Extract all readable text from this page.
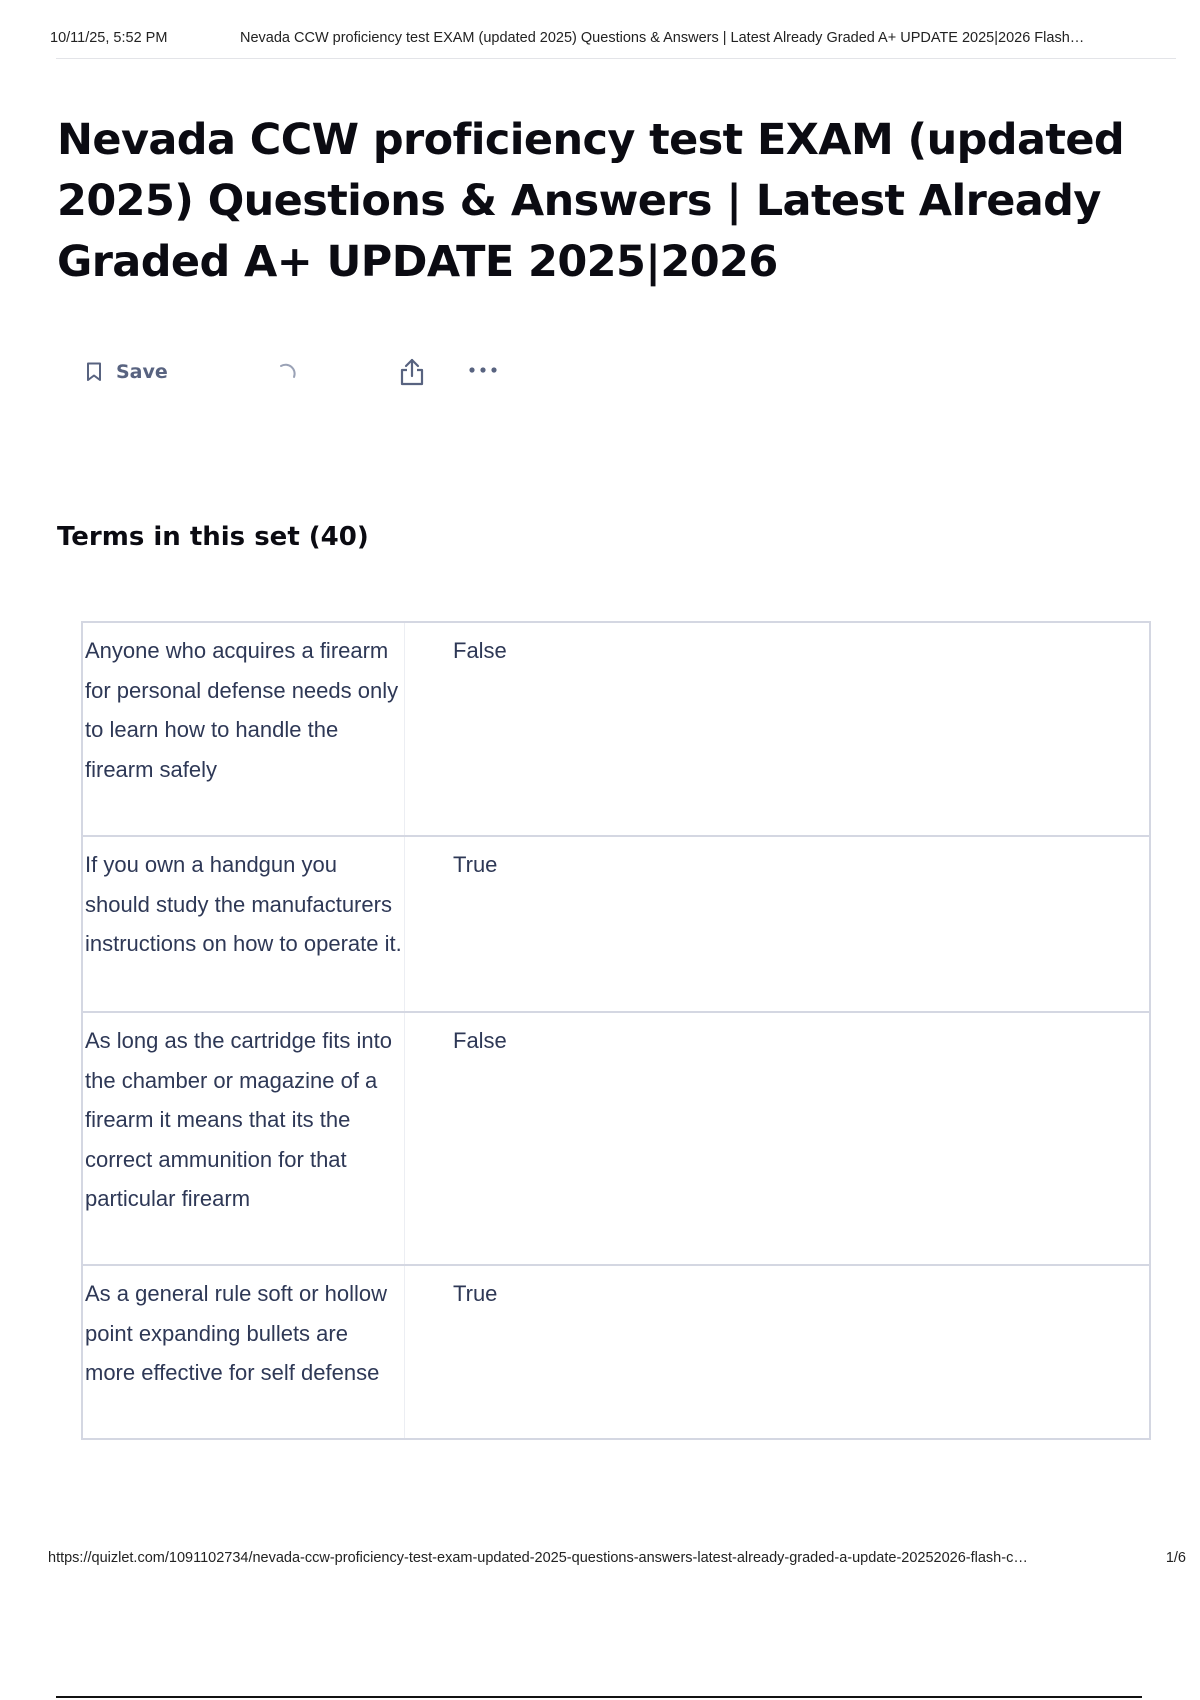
10/11/25, 5:52 PM	Nevada CCW proficiency test EXAM (updated 2025) Questions & Answers | Latest Already Graded A+ UPDATE 2025|2026 Flash…
Nevada CCW proficiency test EXAM (updated 2025) Questions & Answers | Latest Already Graded A+ UPDATE 2025|2026
Save
Terms in this set (40)
Anyone who acquires a firearm for personal defense needs only to learn how to handle the firearm safely
False
If you own a handgun you should study the manufacturers instructions on how to operate it.
True
As long as the cartridge fits into the chamber or magazine of a firearm it means that its the correct ammunition for that particular firearm
False
As a general rule soft or hollow point expanding bullets are more effective for self defense
True
https://quizlet.com/1091102734/nevada-ccw-proficiency-test-exam-updated-2025-questions-answers-latest-already-graded-a-update-20252026-flash-c…	1/6
